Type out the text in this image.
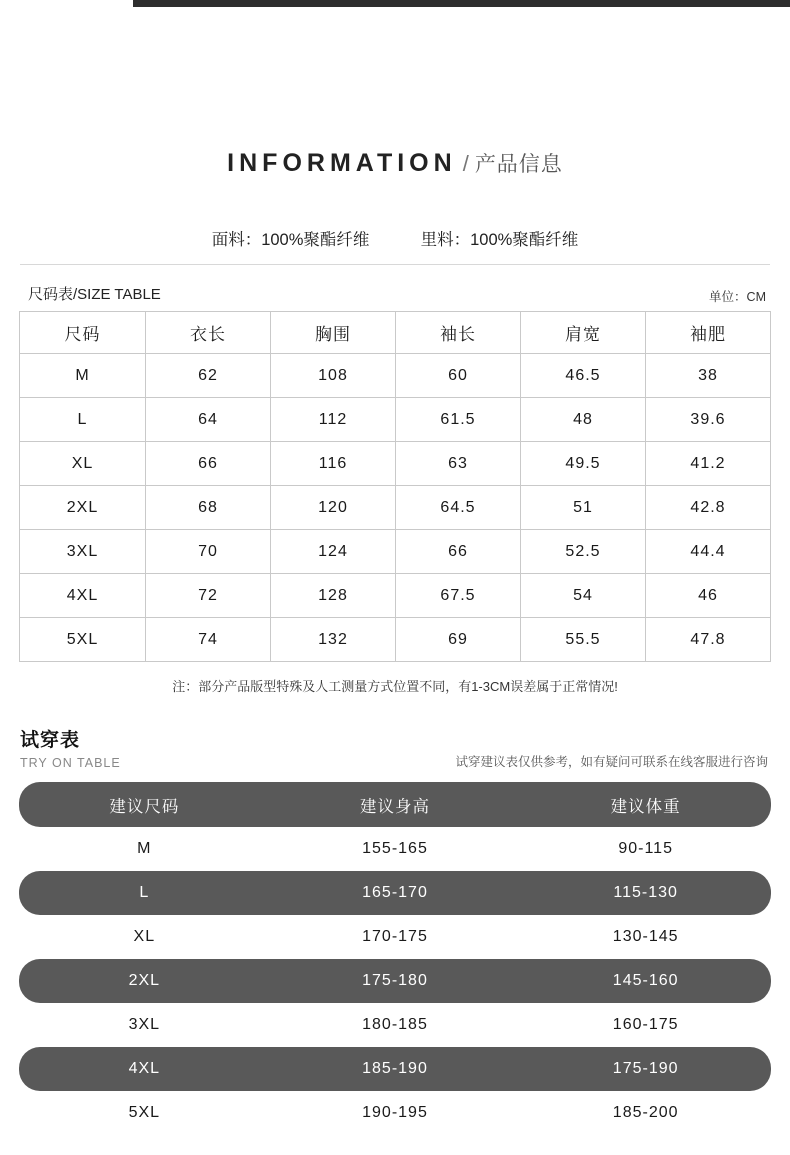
INFORMATION / 产品信息
面料：100%聚酯纤维	里料：100%聚酯纤维
尺码表/SIZE TABLE	单位：CM
尺码	衣长	胸围	袖长	肩宽	袖肥
M	62	108	60	46.5	38
L	64	112	61.5	48	39.6
XL	66	116	63	49.5	41.2
2XL	68	120	64.5	51	42.8
3XL	70	124	66	52.5	44.4
4XL	72	128	67.5	54	46
5XL	74	132	69	55.5	47.8
注：部分产品版型特殊及人工测量方式位置不同，有1-3CM误差属于正常情况!
试穿表
TRY ON TABLE	试穿建议表仅供参考，如有疑问可联系在线客服进行咨询
建议尺码	建议身高	建议体重
M	155-165	90-115
L	165-170	115-130
XL	170-175	130-145
2XL	175-180	145-160
3XL	180-185	160-175
4XL	185-190	175-190
5XL	190-195	185-200
